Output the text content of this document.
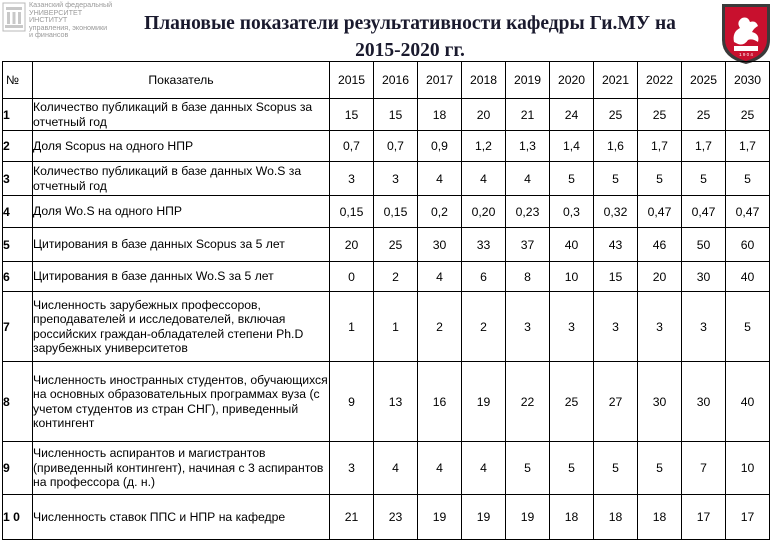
Казанский федеральный
УНИВЕРСИТЕТ
ИНСТИТУТ
управления, экономики
и финансов
Плановые показатели результативности кафедры Ги.МУ на
2015-2020 гг.	1 9 0 4
№	Показатель	2015	2016	2017	2018	2019	2020	2021	2022	2025	2030
1	Количество публикаций в базе данных Scopus за отчетный год	15	15	18	20	21	24	25	25	25	25
2	Доля Scopus на одного НПР	0,7	0,7	0,9	1,2	1,3	1,4	1,6	1,7	1,7	1,7
3	Количество публикаций в базе данных Wo.S за отчетный год	3	3	4	4	4	5	5	5	5	5
4	Доля Wo.S на одного НПР	0,15	0,15	0,2	0,20	0,23	0,3	0,32	0,47	0,47	0,47
5	Цитирования в базе данных Scopus за 5 лет	20	25	30	33	37	40	43	46	50	60
6	Цитирования в базе данных Wo.S за 5 лет	0	2	4	6	8	10	15	20	30	40
7	Численность зарубежных профессоров, преподавателей и исследователей, включая российских граждан-обладателей степени Ph.D зарубежных университетов	1	1	2	2	3	3	3	3	3	5
8	Численность иностранных студентов, обучающихся на основных образовательных программах вуза (с учетом студентов из стран СНГ), приведенный контингент	9	13	16	19	22	25	27	30	30	40
9	Численность аспирантов и магистрантов (приведенный контингент), начиная с 3 аспирантов на профессора (д. н.)	3	4	4	4	5	5	5	5	7	10
1 0	Численность ставок ППС и НПР на кафедре	21	23	19	19	19	18	18	18	17	17
